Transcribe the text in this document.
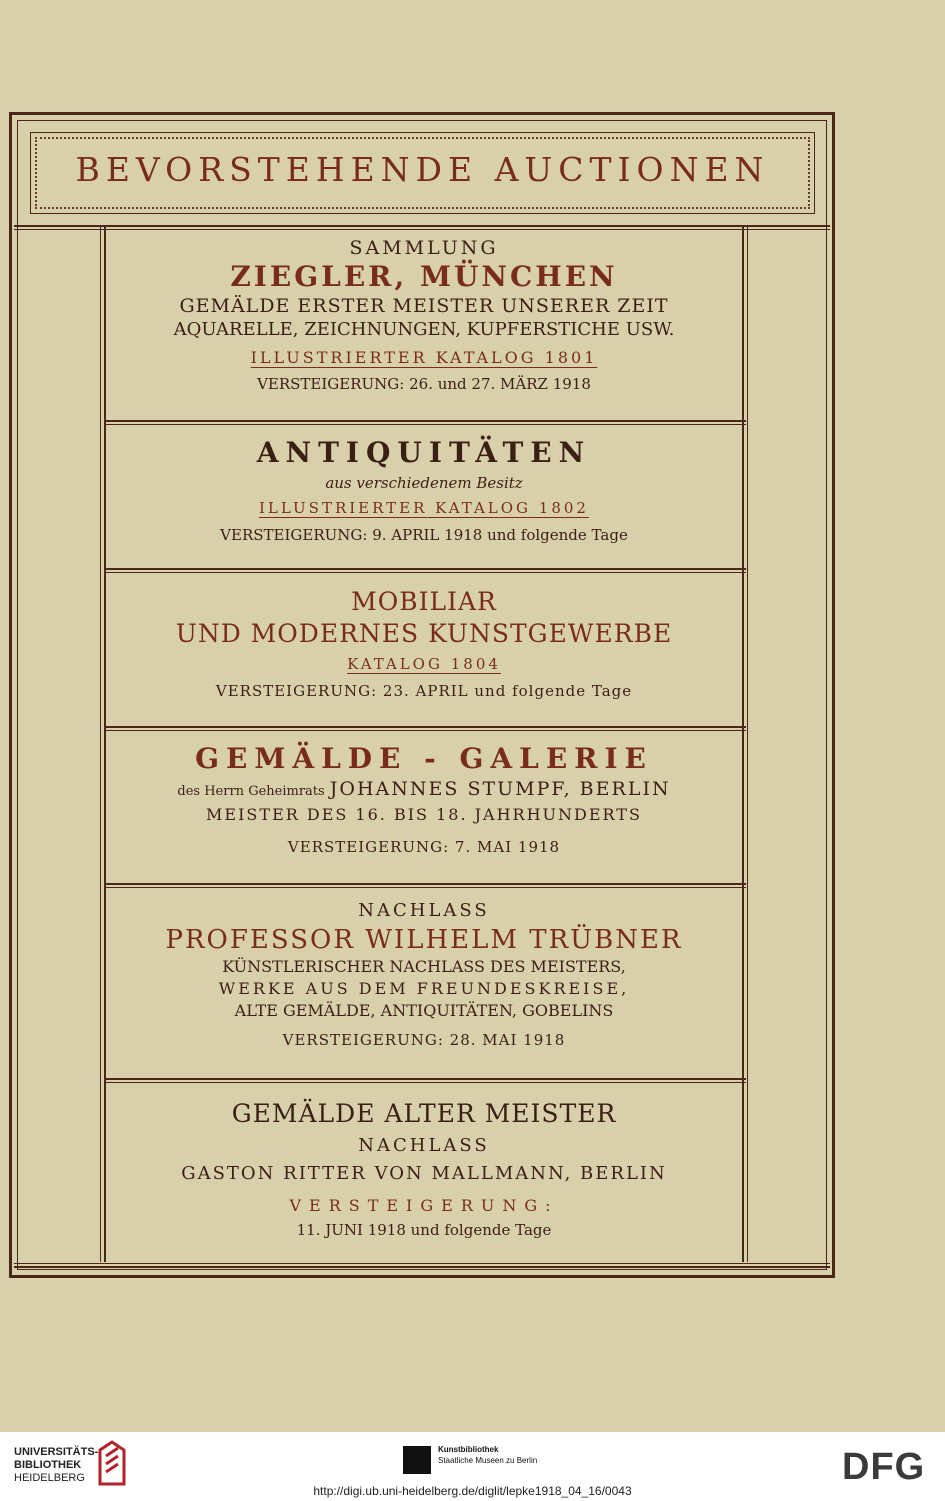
BEVORSTEHENDE AUCTIONEN
SAMMLUNG
ZIEGLER, MÜNCHEN
GEMÄLDE ERSTER MEISTER UNSERER ZEIT
AQUARELLE, ZEICHNUNGEN, KUPFERSTICHE USW.
ILLUSTRIERTER KATALOG 1801
VERSTEIGERUNG: 26. und 27. MÄRZ 1918
ANTIQUITÄTEN
aus verschiedenem Besitz
ILLUSTRIERTER KATALOG 1802
VERSTEIGERUNG: 9. APRIL 1918 und folgende Tage
MOBILIAR
UND MODERNES KUNSTGEWERBE
KATALOG 1804
VERSTEIGERUNG: 23. APRIL und folgende Tage
GEMÄLDE - GALERIE
des Herrn Geheimrats JOHANNES STUMPF, BERLIN
MEISTER DES 16. BIS 18. JAHRHUNDERTS
VERSTEIGERUNG: 7. MAI 1918
NACHLASS
PROFESSOR WILHELM TRÜBNER
KÜNSTLERISCHER NACHLASS DES MEISTERS,
WERKE AUS DEM FREUNDESKREISE,
ALTE GEMÄLDE, ANTIQUITÄTEN, GOBELINS
VERSTEIGERUNG: 28. MAI 1918
GEMÄLDE ALTER MEISTER
NACHLASS
GASTON RITTER VON MALLMANN, BERLIN
VERSTEIGERUNG:
11. JUNI 1918 und folgende Tage
UNIVERSITÄTS-
BIBLIOTHEK
HEIDELBERG
Kunstbibliothek
Staatliche Museen zu Berlin	DFG
http://digi.ub.uni-heidelberg.de/diglit/lepke1918_04_16/0043
